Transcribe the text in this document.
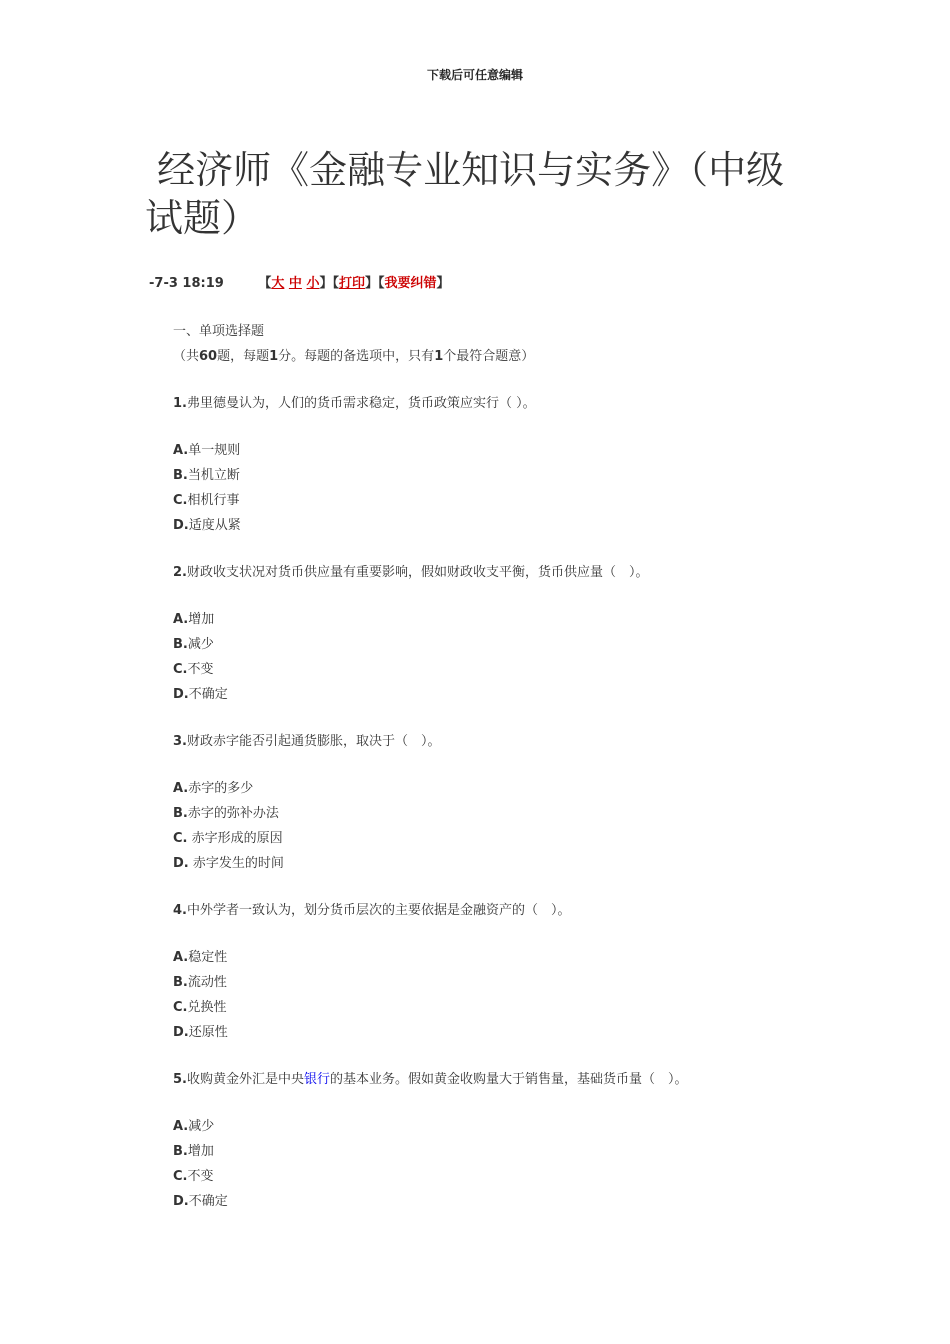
下载后可任意编辑
经济师《金融专业知识与实务》（中级试题）
-7-3 18:19	【大 中 小】【打印】【我要纠错】

一、单项选择题

（共60题，每题1分。每题的备选项中，只有1个最符合题意）

1.弗里德曼认为，人们的货币需求稳定，货币政策应实行（ ）。

A.单一规则

B.当机立断

C.相机行事

D.适度从紧

2.财政收支状况对货币供应量有重要影响，假如财政收支平衡，货币供应量（　）。

A.增加

B.减少

C.不变

D.不确定

3.财政赤字能否引起通货膨胀，取决于（　）。

A.赤字的多少

B.赤字的弥补办法

C. 赤字形成的原因

D. 赤字发生的时间

4.中外学者一致认为，划分货币层次的主要依据是金融资产的（　）。

A.稳定性

B.流动性

C.兑换性

D.还原性

5.收购黄金外汇是中央银行的基本业务。假如黄金收购量大于销售量，基础货币量（　）。

A.减少

B.增加

C.不变

D.不确定
